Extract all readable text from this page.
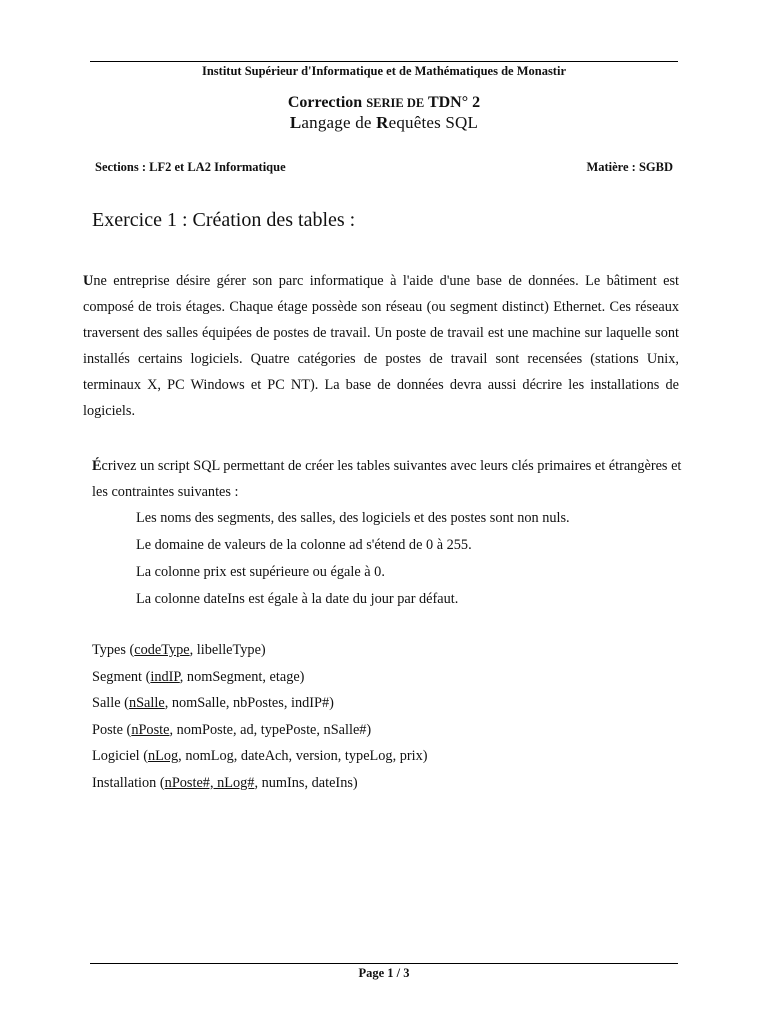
Institut Supérieur d'Informatique et de Mathématiques de Monastir
Correction SERIE DE TDN° 2
Langage de Requêtes SQL
Sections : LF2 et LA2 Informatique	Matière : SGBD
Exercice 1 : Création des tables :
Une entreprise désire gérer son parc informatique à l'aide d'une base de données. Le bâtiment est composé de trois étages. Chaque étage possède son réseau (ou segment distinct) Ethernet. Ces réseaux traversent des salles équipées de postes de travail. Un poste de travail est une machine sur laquelle sont installés certains logiciels. Quatre catégories de postes de travail sont recensées (stations Unix, terminaux X, PC Windows et PC NT). La base de données devra aussi décrire les installations de logiciels.
Écrivez un script SQL permettant de créer les tables suivantes avec leurs clés primaires et étrangères et les contraintes suivantes :
Les noms des segments, des salles, des logiciels et des postes sont non nuls.
Le domaine de valeurs de la colonne ad s'étend de 0 à 255.
La colonne prix est supérieure ou égale à 0.
La colonne dateIns est égale à la date du jour par défaut.
Types (codeType, libelleType)
Segment (indIP, nomSegment, etage)
Salle (nSalle, nomSalle, nbPostes, indIP#)
Poste (nPoste, nomPoste, ad, typePoste, nSalle#)
Logiciel (nLog, nomLog, dateAch, version, typeLog, prix)
Installation (nPoste#, nLog#, numIns, dateIns)
Page 1 / 3
